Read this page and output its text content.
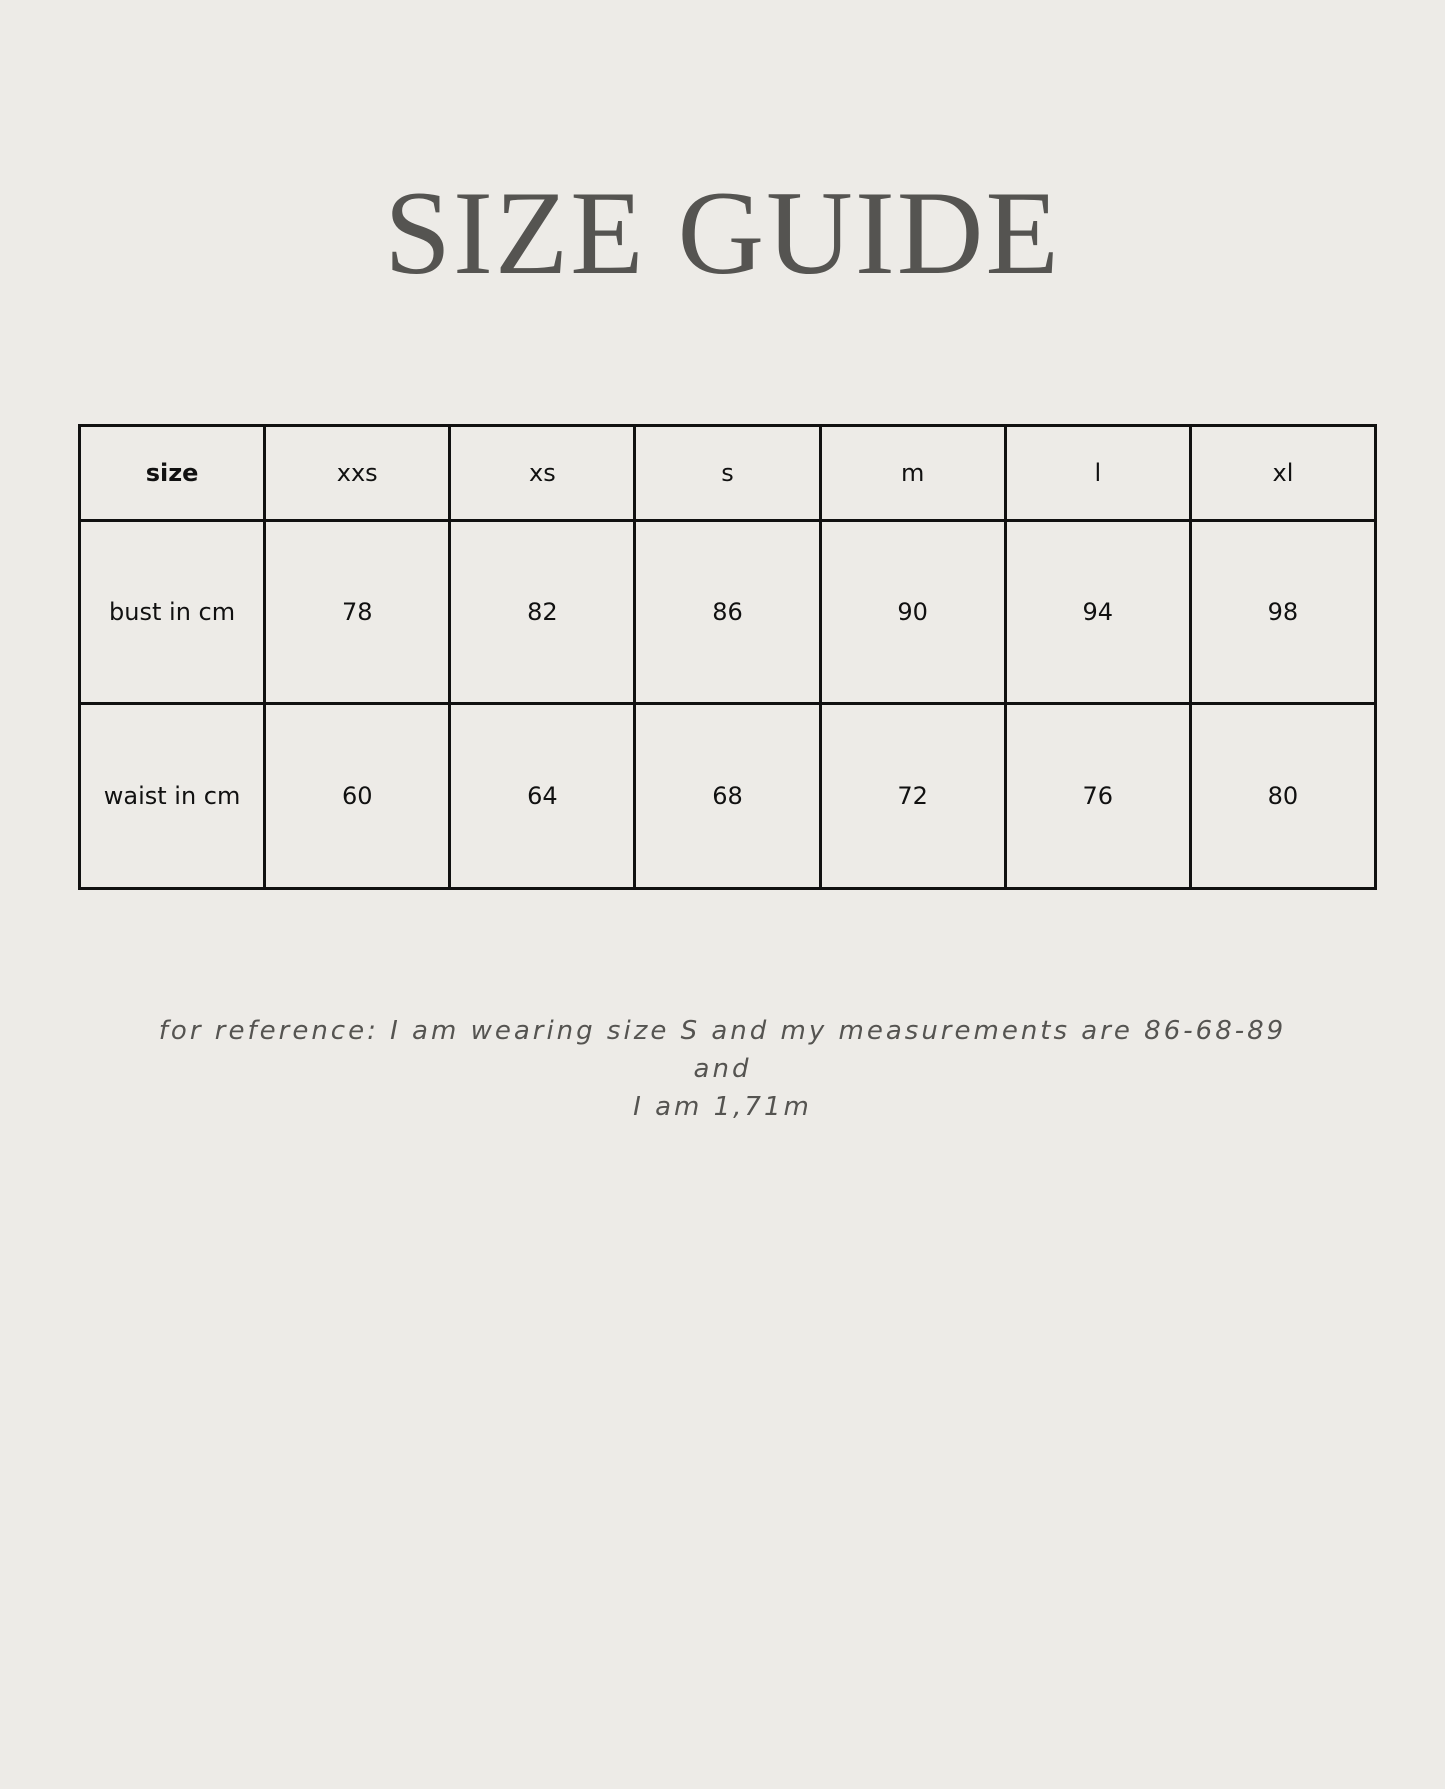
SIZE GUIDE
size	xxs	xs	s	m	l	xl
bust in cm	78	82	86	90	94	98
waist in cm	60	64	68	72	76	80

for reference: I am wearing size S and my measurements are 86-68-89 and
I am 1,71m
